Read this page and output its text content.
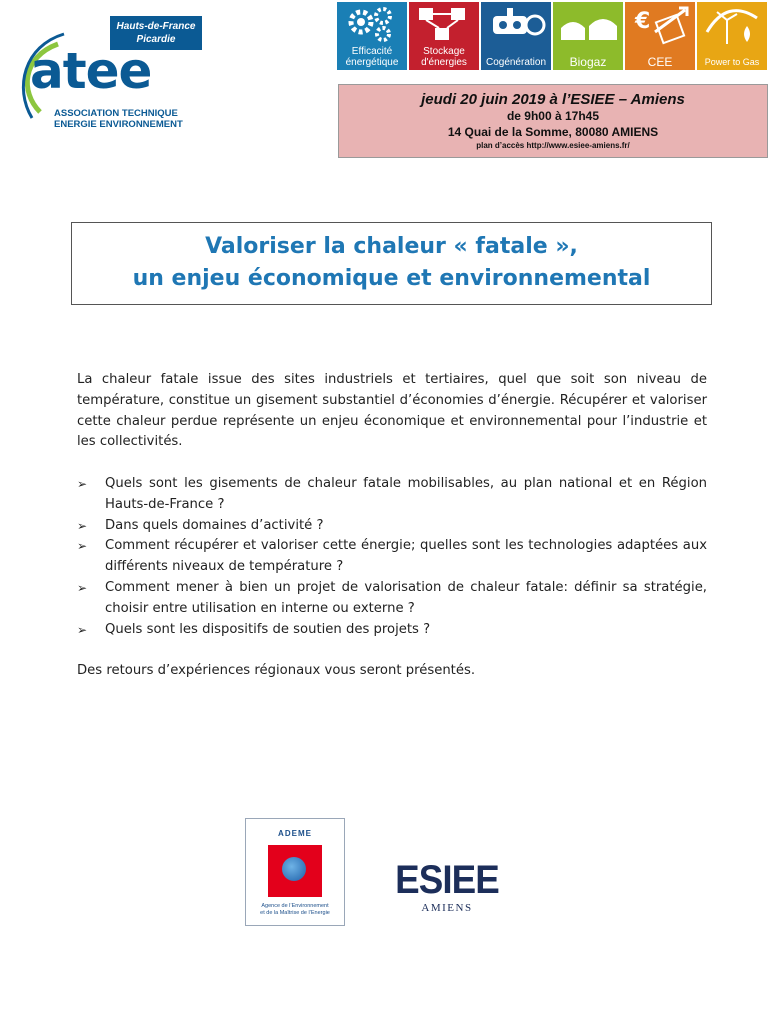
Hauts-de-France
Picardie
atee
ASSOCIATION TECHNIQUE
ENERGIE ENVIRONNEMENT
Efficacité
énergétique
Stockage
d'énergies	Cogénération	Biogaz
€
CEE	Power to Gas
jeudi 20 juin 2019 à l’ESIEE – Amiens
de 9h00 à 17h45
14 Quai de la Somme, 80080 AMIENS
plan d’accès http://www.esiee-amiens.fr/
Valoriser la chaleur « fatale »,
un enjeu économique et environnemental

La chaleur fatale issue des sites industriels et tertiaires, quel que soit son niveau de température, constitue un gisement substantiel d’économies d’énergie. Récupérer et valoriser cette chaleur perdue représente un enjeu économique et environnemental pour l’industrie et les collectivités.

➢ Quels sont les gisements de chaleur fatale mobilisables, au plan national et en Région Hauts-de-France ?
➢ Dans quels domaines d’activité ?
➢ Comment récupérer et valoriser cette énergie; quelles sont les technologies adaptées aux différents niveaux de température ?
➢ Comment mener à bien un projet de valorisation de chaleur fatale: définir sa stratégie, choisir entre utilisation en interne ou externe ?
➢ Quels sont les dispositifs de soutien des projets ?

Des retours d’expériences régionaux vous seront présentés.

ADEME
Agence de l’Environnement
et de la Maîtrise de l’Energie
ESIEE
AMIENS
